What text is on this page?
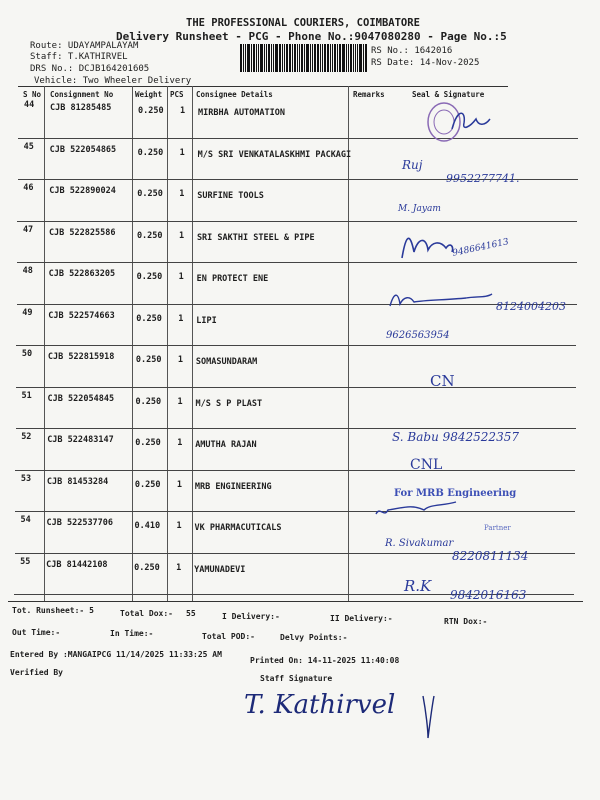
THE PROFESSIONAL COURIERS, COIMBATORE
Delivery Runsheet - PCG - Phone No.:9047080280 - Page No.:5
Route: UDAYAMPALAYAM
Staff: T.KATHIRVEL
DRS No.: DCJB164201605
Vehicle: Two Wheeler Delivery
RS No.: 1642016
RS Date: 14-Nov-2025
S No Consignment No	Weight PCS Consignee Details	Remarks	Seal & Signature
44 CJB 81285485	0.250 1 MIRBHA AUTOMATION
45 CJB 522054865	0.250 1 M/S SRI VENKATALASKHMI PACKAGI
46 CJB 522890024	0.250 1 SURFINE TOOLS
47 CJB 522825586	0.250 1 SRI SAKTHI STEEL & PIPE
48 CJB 522863205	0.250 1 EN PROTECT ENE
49 CJB 522574663	0.250 1 LIPI
50 CJB 522815918	0.250 1 SOMASUNDARAM
51 CJB 522054845	0.250 1 M/S S P PLAST
52 CJB 522483147	0.250 1 AMUTHA RAJAN
53 CJB 81453284	0.250 1 MRB ENGINEERING
54 CJB 522537706	0.410 1 VK PHARMACUTICALS
55 CJB 81442108	0.250 1 YAMUNADEVI
Ruj
9952277741.
M. Jayam
9486641613
8124004203
9626563954
CN
S. Babu 9842522357
CNL
For MRB Engineering
Partner
R. Sivakumar
8220811134
R.K 9842016163
Tot. Runsheet:- 5	Total Dox:- 55	I Delivery:-	II Delivery:-	RTN Dox:-
Out Time:-	In Time:-	Total POD:-	Delvy Points:-
Entered By :MANGAIPCG 11/14/2025 11:33:25 AM
Printed On: 14-11-2025 11:40:08
Verified By
Staff Signature
T. Kathirvel
